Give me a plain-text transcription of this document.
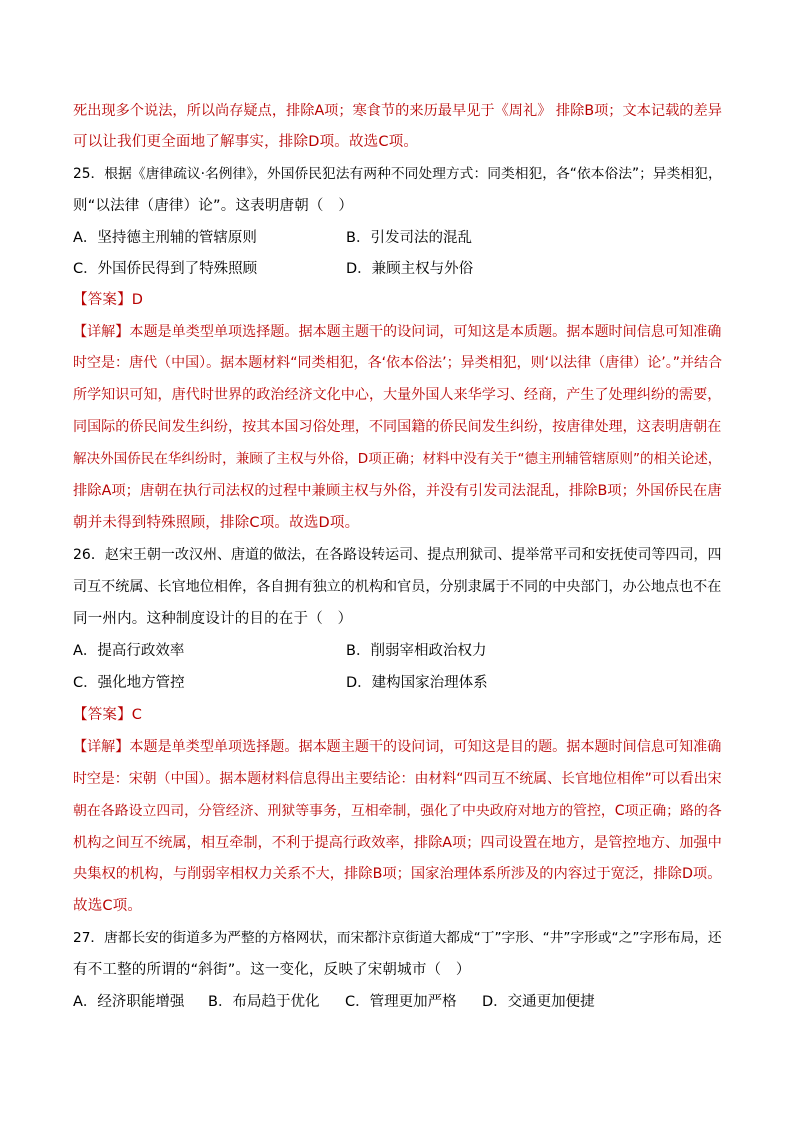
死出现多个说法，所以尚存疑点，排除A项；寒食节的来历最早见于《周礼》 排除B项；文本记载的差异
可以让我们更全面地了解事实，排除D项。故选C项。
25．根据《唐律疏议·名例律》，外国侨民犯法有两种不同处理方式：同类相犯，各“依本俗法”；异类相犯，
则“以法律（唐律）论”。这表明唐朝（　）
A．坚持德主刑辅的管辖原则	B．引发司法的混乱
C．外国侨民得到了特殊照顾	D．兼顾主权与外俗
【答案】D
【详解】本题是单类型单项选择题。据本题主题干的设问词，可知这是本质题。据本题时间信息可知准确
时空是：唐代（中国）。据本题材料“同类相犯，各‘依本俗法’；异类相犯，则‘以法律（唐律）论’。”并结合
所学知识可知，唐代时世界的政治经济文化中心，大量外国人来华学习、经商，产生了处理纠纷的需要，
同国际的侨民间发生纠纷，按其本国习俗处理，不同国籍的侨民间发生纠纷，按唐律处理，这表明唐朝在
解决外国侨民在华纠纷时，兼顾了主权与外俗，D项正确；材料中没有关于“德主刑辅管辖原则”的相关论述，
排除A项；唐朝在执行司法权的过程中兼顾主权与外俗，并没有引发司法混乱，排除B项；外国侨民在唐
朝并未得到特殊照顾，排除C项。故选D项。
26．赵宋王朝一改汉州、唐道的做法，在各路设转运司、提点刑狱司、提举常平司和安抚使司等四司，四
司互不统属、长官地位相侔，各自拥有独立的机构和官员，分别隶属于不同的中央部门，办公地点也不在
同一州内。这种制度设计的目的在于（　）
A．提高行政效率	B．削弱宰相政治权力
C．强化地方管控	D．建构国家治理体系
【答案】C
【详解】本题是单类型单项选择题。据本题主题干的设问词，可知这是目的题。据本题时间信息可知准确
时空是：宋朝（中国）。据本题材料信息得出主要结论：由材料“四司互不统属、长官地位相侔”可以看出宋
朝在各路设立四司，分管经济、刑狱等事务，互相牵制，强化了中央政府对地方的管控，C项正确；路的各
机构之间互不统属，相互牵制，不利于提高行政效率，排除A项；四司设置在地方，是管控地方、加强中
央集权的机构，与削弱宰相权力关系不大，排除B项；国家治理体系所涉及的内容过于宽泛，排除D项。
故选C项。
27．唐都长安的街道多为严整的方格网状，而宋都汴京街道大都成“丁”字形、“井”字形或“之”字形布局，还
有不工整的所谓的“斜街”。这一变化，反映了宋朝城市（　）
A．经济职能增强 B．布局趋于优化 C．管理更加严格 D．交通更加便捷
